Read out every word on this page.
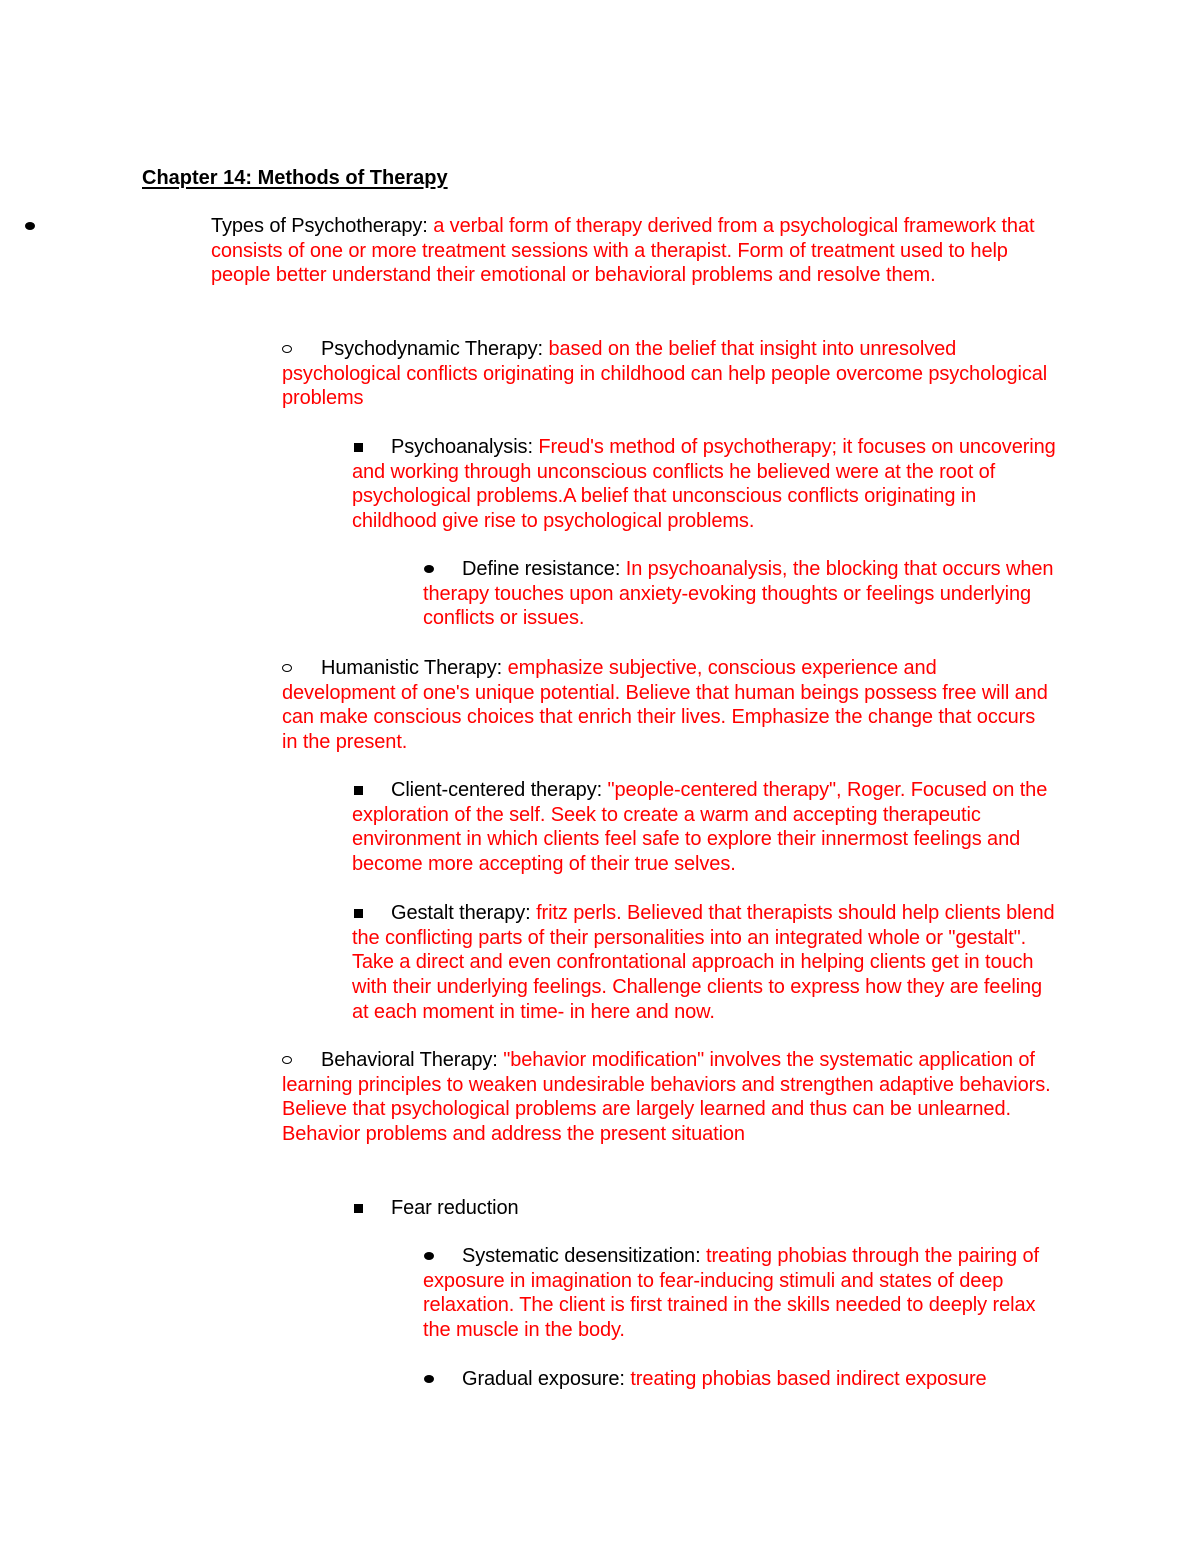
Chapter 14: Methods of Therapy
Types of Psychotherapy: a verbal form of therapy derived from a psychological framework that consists of one or more treatment sessions with a therapist. Form of treatment used to help people better understand their emotional or behavioral problems and resolve them.
Psychodynamic Therapy: based on the belief that insight into unresolved psychological conflicts originating in childhood can help people overcome psychological problems
Psychoanalysis: Freud's method of psychotherapy; it focuses on uncovering and working through unconscious conflicts he believed were at the root of psychological problems.A belief that unconscious conflicts originating in childhood give rise to psychological problems.
Define resistance: In psychoanalysis, the blocking that occurs when therapy touches upon anxiety-evoking thoughts or feelings underlying conflicts or issues.
Humanistic Therapy: emphasize subjective, conscious experience and development of one's unique potential. Believe that human beings possess free will and can make conscious choices that enrich their lives. Emphasize the change that occurs in the present.
Client-centered therapy: "people-centered therapy", Roger. Focused on the exploration of the self. Seek to create a warm and accepting therapeutic environment in which clients feel safe to explore their innermost feelings and become more accepting of their true selves.
Gestalt therapy: fritz perls. Believed that therapists should help clients blend the conflicting parts of their personalities into an integrated whole or "gestalt". Take a direct and even confrontational approach in helping clients get in touch with their underlying feelings. Challenge clients to express how they are feeling at each moment in time- in here and now.
Behavioral Therapy: "behavior modification" involves the systematic application of learning principles to weaken undesirable behaviors and strengthen adaptive behaviors. Believe that psychological problems are largely learned and thus can be unlearned. Behavior problems and address the present situation
Fear reduction
Systematic desensitization: treating phobias through the pairing of exposure in imagination to fear-inducing stimuli and states of deep relaxation. The client is first trained in the skills needed to deeply relax the muscle in the body.
Gradual exposure: treating phobias based indirect exposure
